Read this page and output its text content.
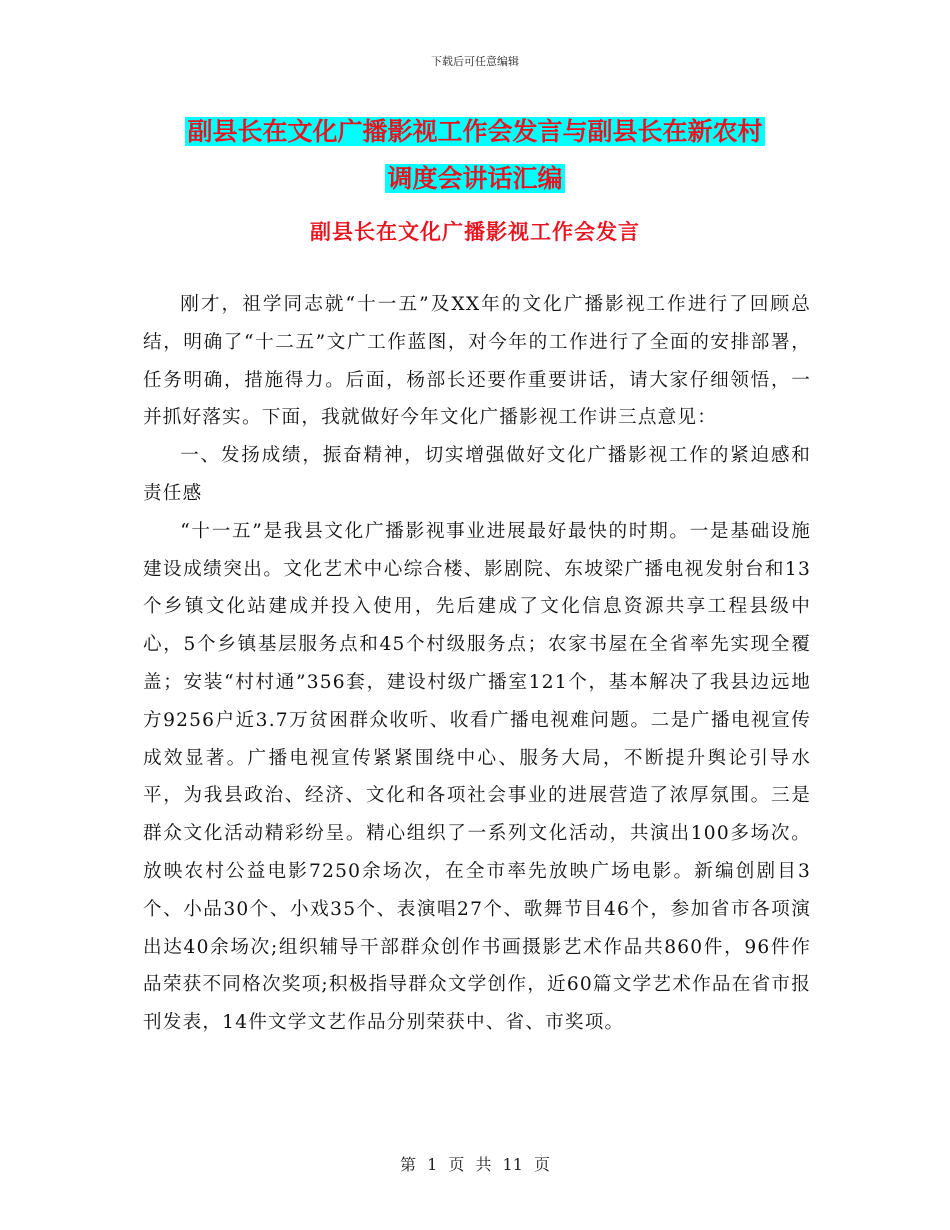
下载后可任意编辑
副县长在文化广播影视工作会发言与副县长在新农村
调度会讲话汇编
副县长在文化广播影视工作会发言

刚才，祖学同志就“十一五”及XX年的文化广播影视工作进行了回顾总结，明确了“十二五”文广工作蓝图，对今年的工作进行了全面的安排部署，任务明确，措施得力。后面，杨部长还要作重要讲话，请大家仔细领悟，一并抓好落实。下面，我就做好今年文化广播影视工作讲三点意见：

一、发扬成绩，振奋精神，切实增强做好文化广播影视工作的紧迫感和责任感

“十一五”是我县文化广播影视事业进展最好最快的时期。一是基础设施建设成绩突出。文化艺术中心综合楼、影剧院、东坡梁广播电视发射台和13个乡镇文化站建成并投入使用，先后建成了文化信息资源共享工程县级中心，5个乡镇基层服务点和45个村级服务点；农家书屋在全省率先实现全覆盖；安装“村村通”356套，建设村级广播室121个，基本解决了我县边远地方9256户近3.7万贫困群众收听、收看广播电视难问题。二是广播电视宣传成效显著。广播电视宣传紧紧围绕中心、服务大局，不断提升舆论引导水平，为我县政治、经济、文化和各项社会事业的进展营造了浓厚氛围。三是群众文化活动精彩纷呈。精心组织了一系列文化活动，共演出100多场次。放映农村公益电影7250余场次，在全市率先放映广场电影。新编创剧目3个、小品30个、小戏35个、表演唱27个、歌舞节目46个，参加省市各项演出达40余场次;组织辅导干部群众创作书画摄影艺术作品共860件，96件作品荣获不同格次奖项;积极指导群众文学创作，近60篇文学艺术作品在省市报刊发表，14件文学文艺作品分别荣获中、省、市奖项。

第 1 页 共 11 页
